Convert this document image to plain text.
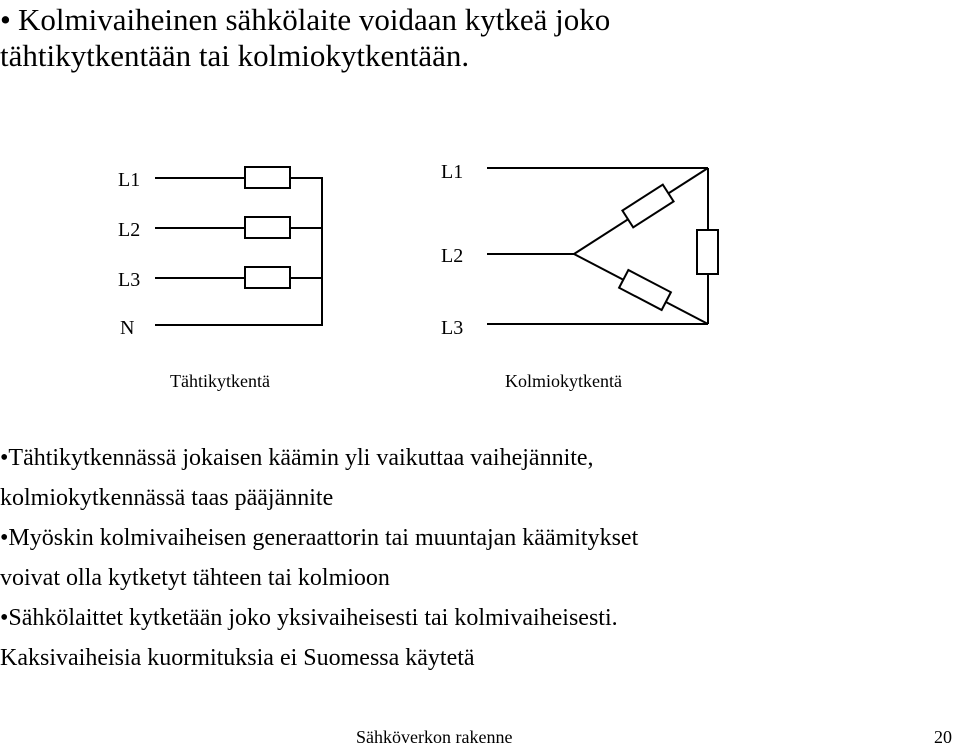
• Kolmivaiheinen sähkölaite voidaan kytkeä joko
tähtikytkentään tai kolmiokytkentään.
L1
L2
L3
N
Tähtikytkentä
L1
L2
L3
Kolmiokytkentä
•Tähtikytkennässä jokaisen käämin yli vaikuttaa vaihejännite,
kolmiokytkennässä taas pääjännite
•Myöskin kolmivaiheisen generaattorin tai muuntajan käämitykset
voivat olla kytketyt tähteen tai kolmioon
•Sähkölaittet kytketään joko yksivaiheisesti tai kolmivaiheisesti.
Kaksivaiheisia kuormituksia ei Suomessa käytetä
Sähköverkon rakenne	20
